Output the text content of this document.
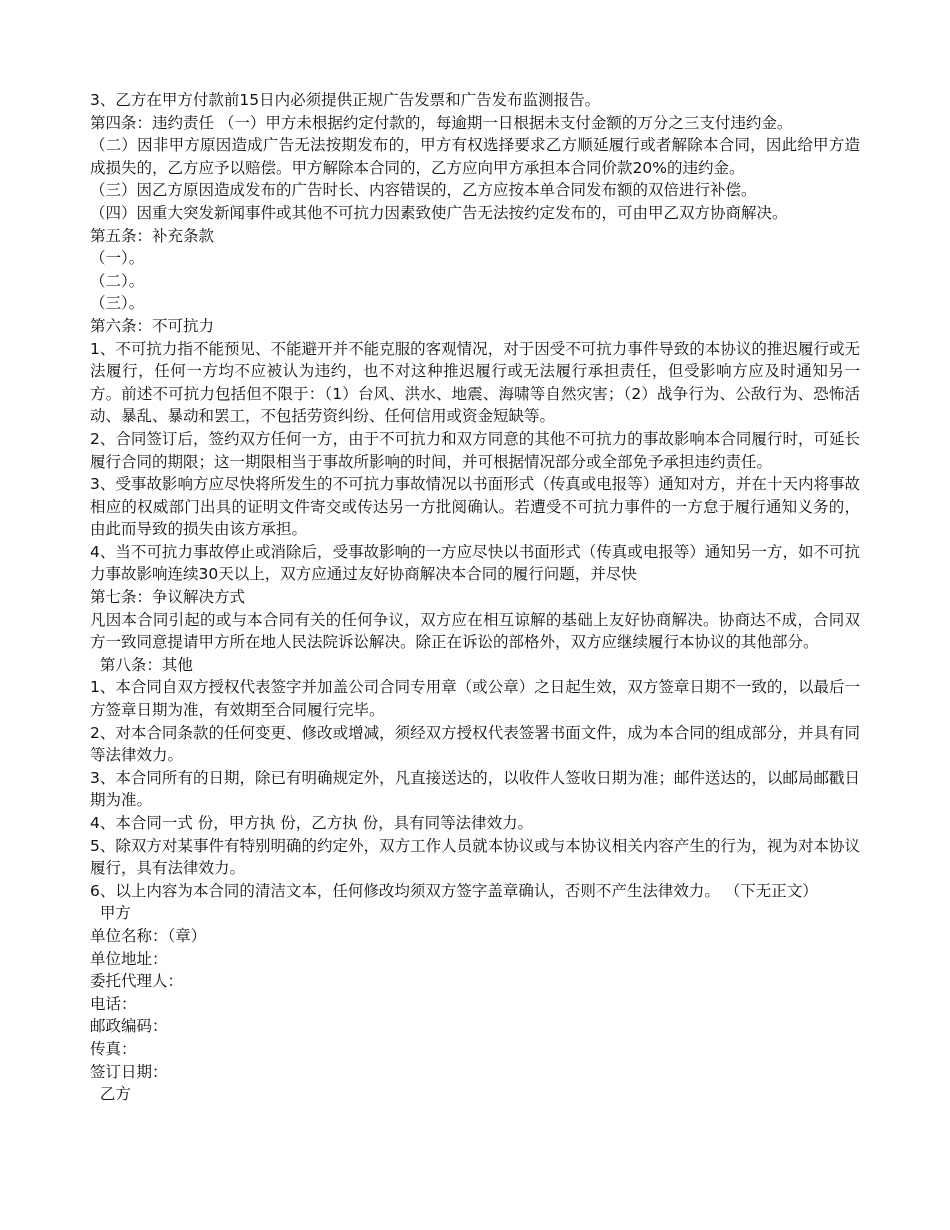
3、乙方在甲方付款前15日内必须提供正规广告发票和广告发布监测报告。

第四条：违约责任 （一）甲方未根据约定付款的，每逾期一日根据未支付金额的万分之三支付违约金。

（二）因非甲方原因造成广告无法按期发布的，甲方有权选择要求乙方顺延履行或者解除本合同，因此给甲方造成损失的，乙方应予以赔偿。甲方解除本合同的，乙方应向甲方承担本合同价款20%的违约金。

（三）因乙方原因造成发布的广告时长、内容错误的，乙方应按本单合同发布额的双倍进行补偿。

（四）因重大突发新闻事件或其他不可抗力因素致使广告无法按约定发布的，可由甲乙双方协商解决。

第五条：补充条款

（一）。

（二）。

（三）。

第六条：不可抗力

1、不可抗力指不能预见、不能避开并不能克服的客观情况，对于因受不可抗力事件导致的本协议的推迟履行或无法履行，任何一方均不应被认为违约，也不对这种推迟履行或无法履行承担责任，但受影响方应及时通知另一方。前述不可抗力包括但不限于：（1）台风、洪水、地震、海啸等自然灾害；（2）战争行为、公敌行为、恐怖活动、暴乱、暴动和罢工，不包括劳资纠纷、任何信用或资金短缺等。

2、合同签订后，签约双方任何一方，由于不可抗力和双方同意的其他不可抗力的事故影响本合同履行时，可延长履行合同的期限；这一期限相当于事故所影响的时间，并可根据情况部分或全部免予承担违约责任。

3、受事故影响方应尽快将所发生的不可抗力事故情况以书面形式（传真或电报等）通知对方，并在十天内将事故相应的权威部门出具的证明文件寄交或传达另一方批阅确认。若遭受不可抗力事件的一方怠于履行通知义务的，由此而导致的损失由该方承担。

4、当不可抗力事故停止或消除后，受事故影响的一方应尽快以书面形式（传真或电报等）通知另一方，如不可抗力事故影响连续30天以上，双方应通过友好协商解决本合同的履行问题，并尽快

第七条：争议解决方式

凡因本合同引起的或与本合同有关的任何争议，双方应在相互谅解的基础上友好协商解决。协商达不成，合同双方一致同意提请甲方所在地人民法院诉讼解决。除正在诉讼的部格外，双方应继续履行本协议的其他部分。

第八条：其他

1、本合同自双方授权代表签字并加盖公司合同专用章（或公章）之日起生效，双方签章日期不一致的，以最后一方签章日期为准，有效期至合同履行完毕。

2、对本合同条款的任何变更、修改或增减，须经双方授权代表签署书面文件，成为本合同的组成部分，并具有同等法律效力。

3、本合同所有的日期，除已有明确规定外，凡直接送达的，以收件人签收日期为准；邮件送达的，以邮局邮戳日期为准。

4、本合同一式 份，甲方执 份，乙方执 份，具有同等法律效力。

5、除双方对某事件有特别明确的约定外，双方工作人员就本协议或与本协议相关内容产生的行为，视为对本协议履行，具有法律效力。

6、以上内容为本合同的清洁文本，任何修改均须双方签字盖章确认，否则不产生法律效力。 （下无正文）

甲方

单位名称：（章）

单位地址：

委托代理人：

电话：

邮政编码：

传真：

签订日期：

乙方
